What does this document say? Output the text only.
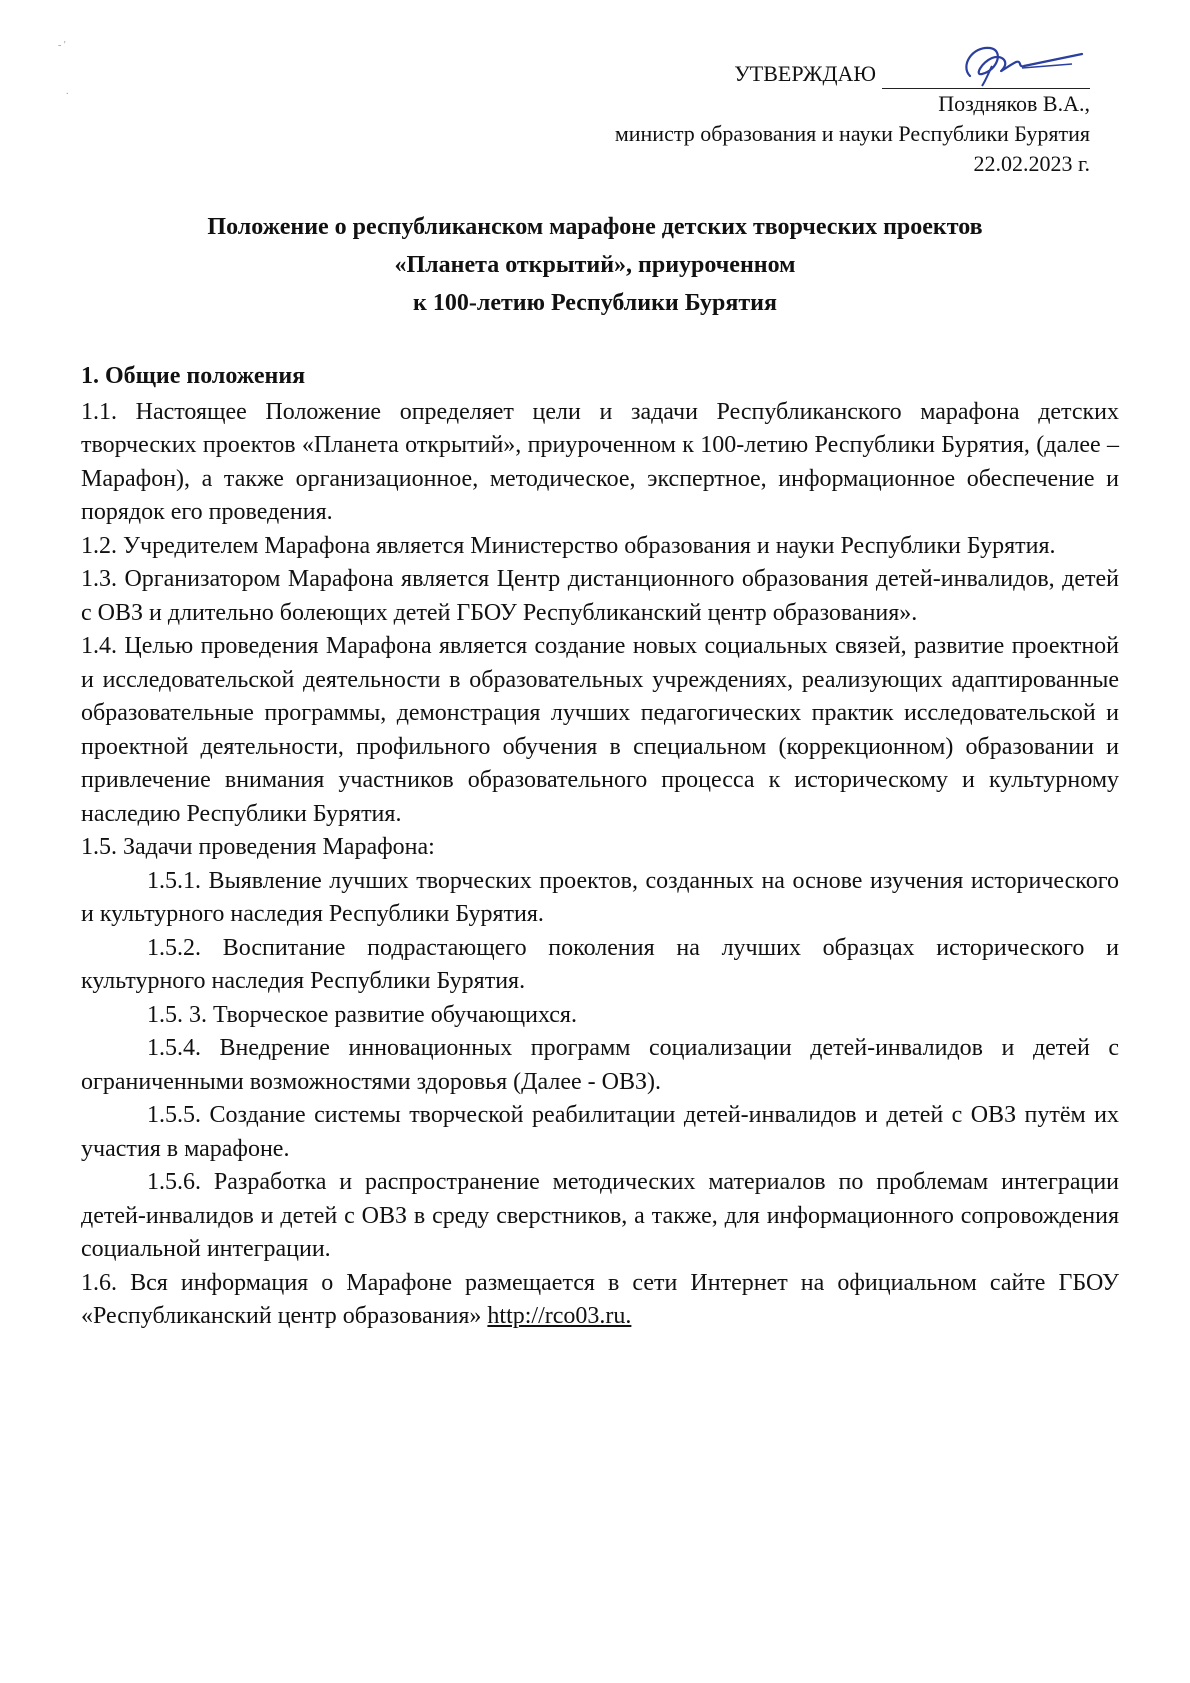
- '
.
УТВЕРЖДАЮ
Поздняков В.А.,
министр образования и науки Республики Бурятия
22.02.2023 г.
Положение о республиканском марафоне детских творческих проектов
«Планета открытий», приуроченном
к 100-летию Республики Бурятия

1. Общие положения

1.1. Настоящее Положение определяет цели и задачи Республиканского марафона детских творческих проектов «Планета открытий», приуроченном к 100-летию Республики Бурятия, (далее – Марафон), а также организационное, методическое, экспертное, информационное обеспечение и порядок его проведения.

1.2. Учредителем Марафона является Министерство образования и науки Республики Бурятия.

1.3. Организатором Марафона является Центр дистанционного образования детей-инвалидов, детей с ОВЗ и длительно болеющих детей ГБОУ Республиканский центр образования».

1.4. Целью проведения Марафона является создание новых социальных связей, развитие проектной и исследовательской деятельности в образовательных учреждениях, реализующих адаптированные образовательные программы, демонстрация лучших педагогических практик исследовательской и проектной деятельности, профильного обучения в специальном (коррекционном) образовании и привлечение внимания участников образовательного процесса к историческому и культурному наследию Республики Бурятия.

1.5. Задачи проведения Марафона:

1.5.1. Выявление лучших творческих проектов, созданных на основе изучения исторического и культурного наследия Республики Бурятия.

1.5.2. Воспитание подрастающего поколения на лучших образцах исторического и культурного наследия Республики Бурятия.

1.5. 3. Творческое развитие обучающихся.

1.5.4. Внедрение инновационных программ социализации детей-инвалидов и детей с ограниченными возможностями здоровья (Далее - ОВЗ).

1.5.5. Создание системы творческой реабилитации детей-инвалидов и детей с ОВЗ путём их участия в марафоне.

1.5.6. Разработка и распространение методических материалов по проблемам интеграции детей-инвалидов и детей с ОВЗ в среду сверстников, а также, для информационного сопровождения социальной интеграции.

1.6. Вся информация о Марафоне размещается в сети Интернет на официальном сайте ГБОУ «Республиканский центр образования» http://rco03.ru.
